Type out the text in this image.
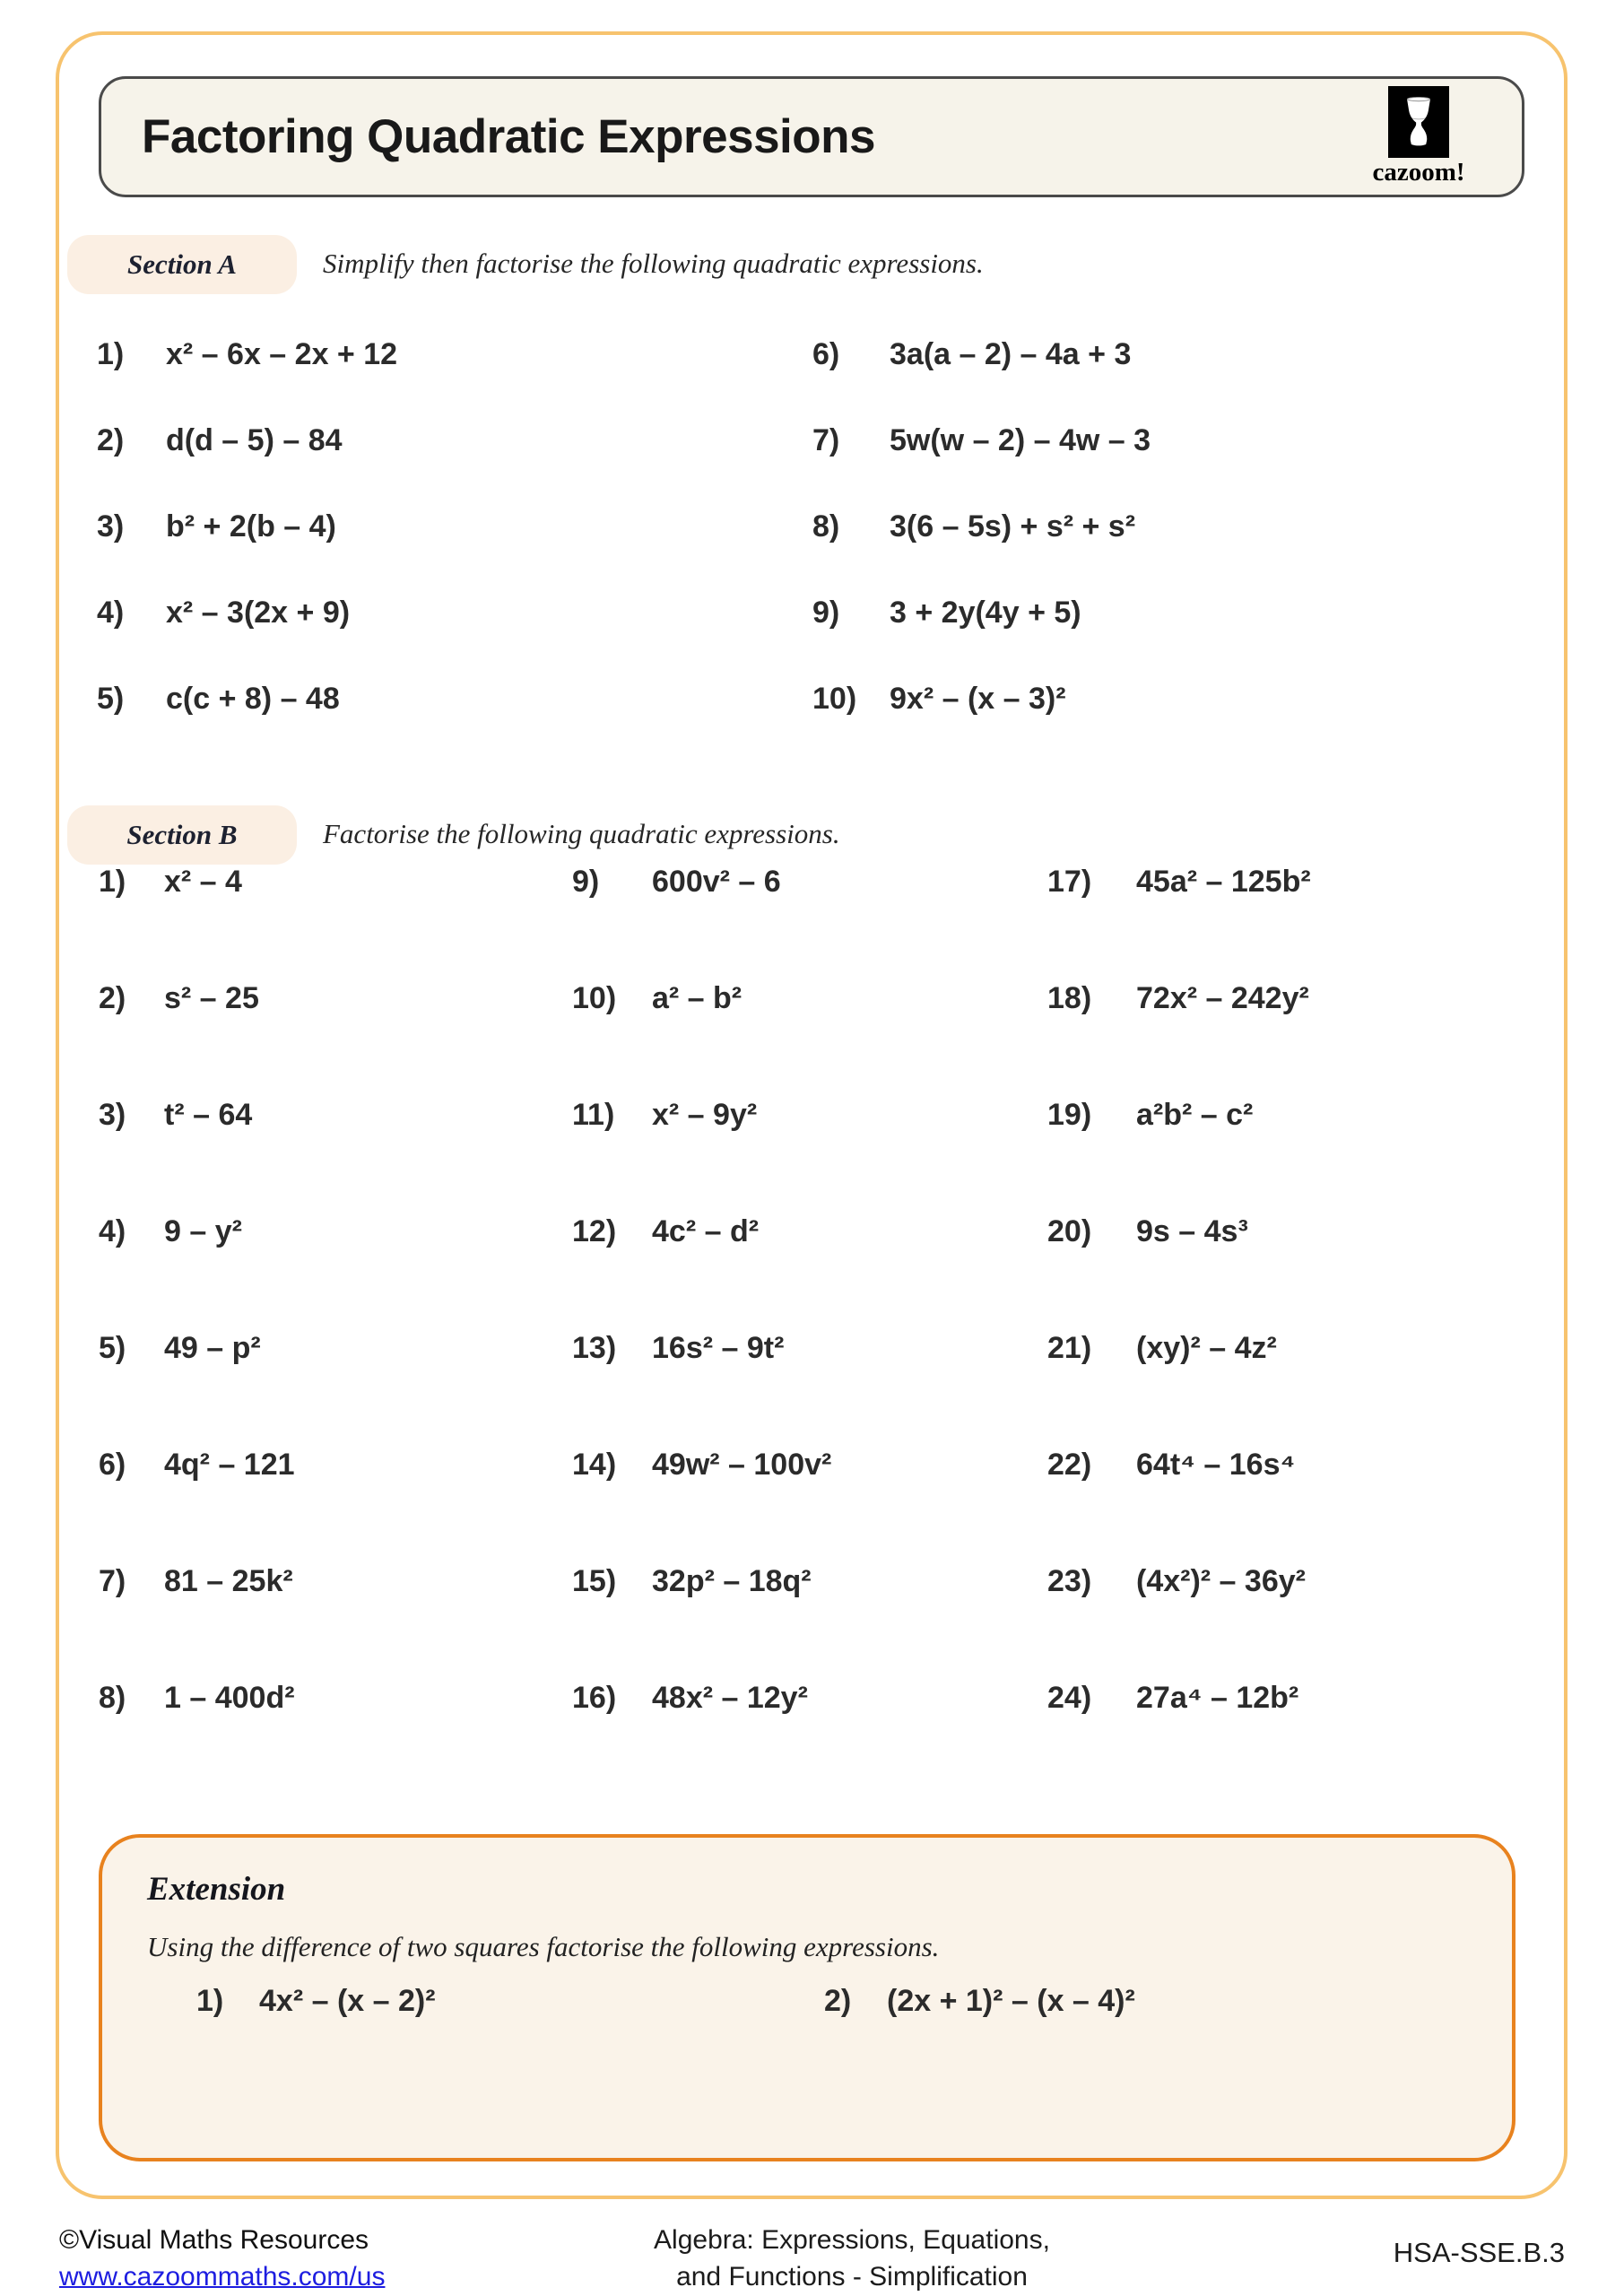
Factoring Quadratic Expressions
cazoom!
Section A	Simplify then factorise the following quadratic expressions.
1)	x² – 6x – 2x + 12
2)	d(d – 5) – 84
3)	b² + 2(b – 4)
4)	x² – 3(2x + 9)
5)	c(c + 8) – 48
6)	3a(a – 2) – 4a + 3
7)	5w(w – 2) – 4w – 3
8)	3(6 – 5s) + s² + s²
9)	3 + 2y(4y + 5)
10)	9x² – (x – 3)²
Section B	Factorise the following quadratic expressions.
1)	x² – 4
2)	s² – 25
3)	t² – 64
4)	9 – y²
5)	49 – p²
6)	4q² – 121
7)	81 – 25k²
8)	1 – 400d²
9)	600v² – 6
10)	a² – b²
11)	x² – 9y²
12)	4c² – d²
13)	16s² – 9t²
14)	49w² – 100v²
15)	32p² – 18q²
16)	48x² – 12y²
17)	45a² – 125b²
18)	72x² – 242y²
19)	a²b² – c²
20)	9s – 4s³
21)	(xy)² – 4z²
22)	64t⁴ – 16s⁴
23)	(4x²)² – 36y²
24)	27a⁴ – 12b²
Extension
Using the difference of two squares factorise the following expressions.
1)	4x² – (x – 2)²	2)	(2x + 1)² – (x – 4)²
©Visual Maths Resources
www.cazoommaths.com/us
Algebra: Expressions, Equations,
and Functions - Simplification
HSA-SSE.B.3
